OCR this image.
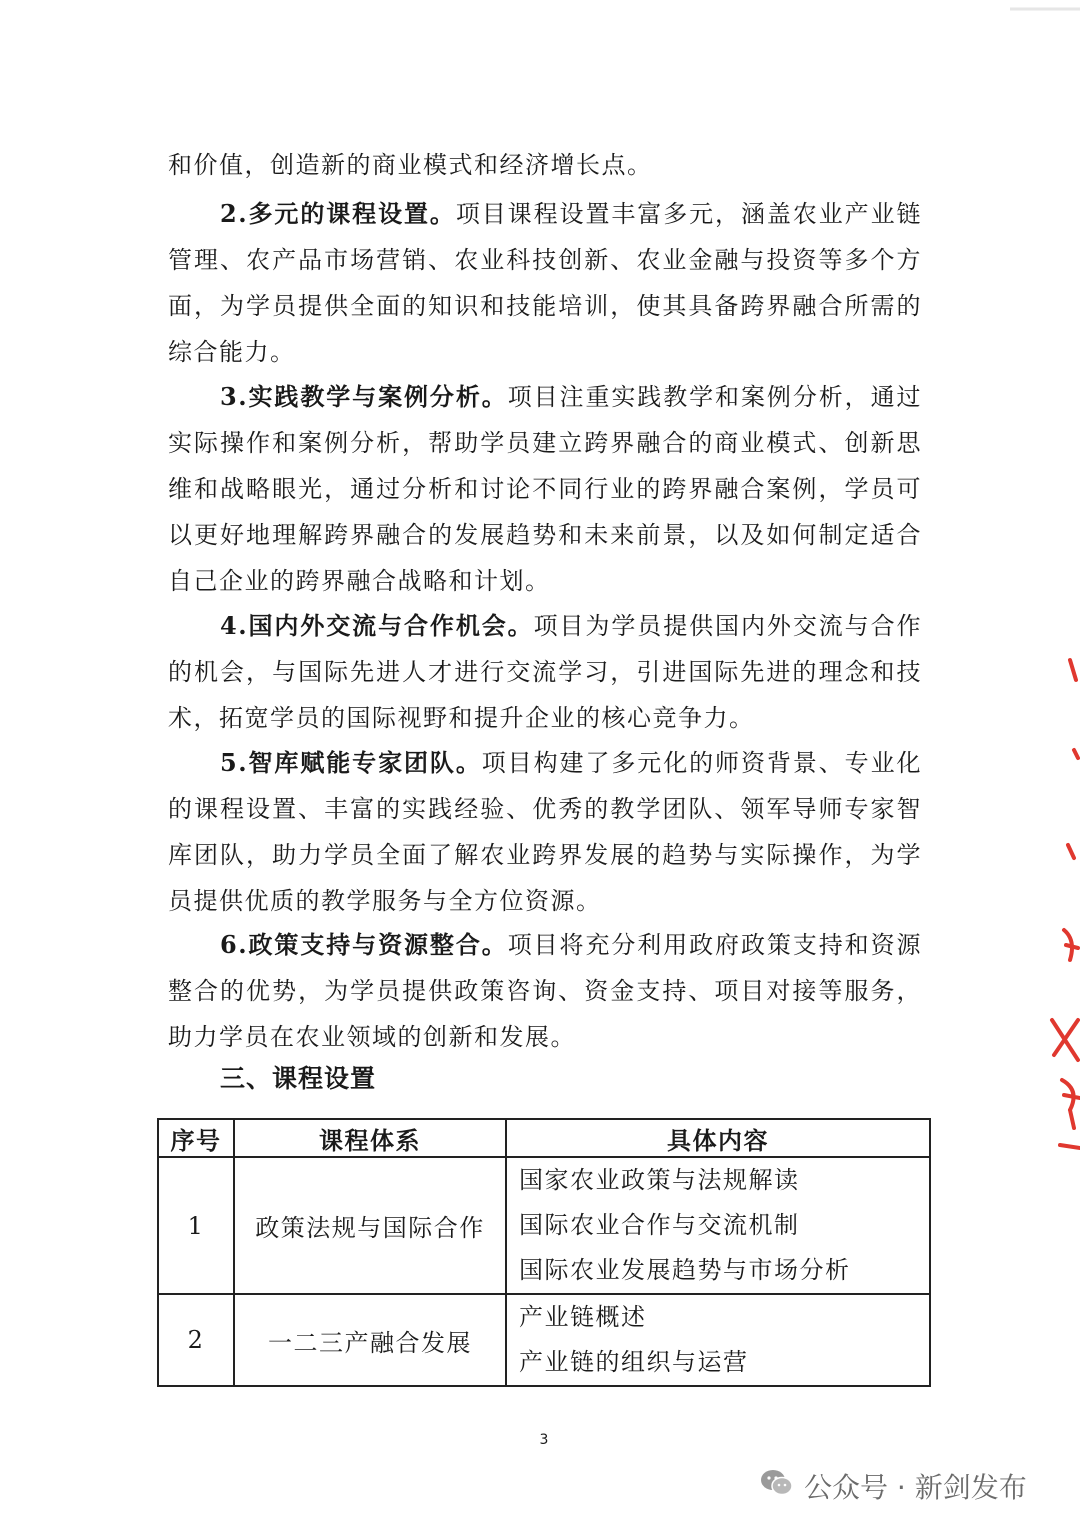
和价值，创造新的商业模式和经济增长点。

2.多元的课程设置。项目课程设置丰富多元，涵盖农业产业链管理、农产品市场营销、农业科技创新、农业金融与投资等多个方面，为学员提供全面的知识和技能培训，使其具备跨界融合所需的综合能力。

3.实践教学与案例分析。项目注重实践教学和案例分析，通过实际操作和案例分析，帮助学员建立跨界融合的商业模式、创新思维和战略眼光，通过分析和讨论不同行业的跨界融合案例，学员可以更好地理解跨界融合的发展趋势和未来前景，以及如何制定适合自己企业的跨界融合战略和计划。

4.国内外交流与合作机会。项目为学员提供国内外交流与合作的机会，与国际先进人才进行交流学习，引进国际先进的理念和技术，拓宽学员的国际视野和提升企业的核心竞争力。

5.智库赋能专家团队。项目构建了多元化的师资背景、专业化的课程设置、丰富的实践经验、优秀的教学团队、领军导师专家智库团队，助力学员全面了解农业跨界发展的趋势与实际操作，为学员提供优质的教学服务与全方位资源。

6.政策支持与资源整合。项目将充分利用政府政策支持和资源整合的优势，为学员提供政策咨询、资金支持、项目对接等服务，助力学员在农业领域的创新和发展。

三、课程设置
序号	课程体系	具体内容
1	政策法规与国际合作	国家农业政策与法规解读
国际农业合作与交流机制
国际农业发展趋势与市场分析

2	一二三产融合发展	产业链概述
产业链的组织与运营
3
公众号 · 新剑发布
